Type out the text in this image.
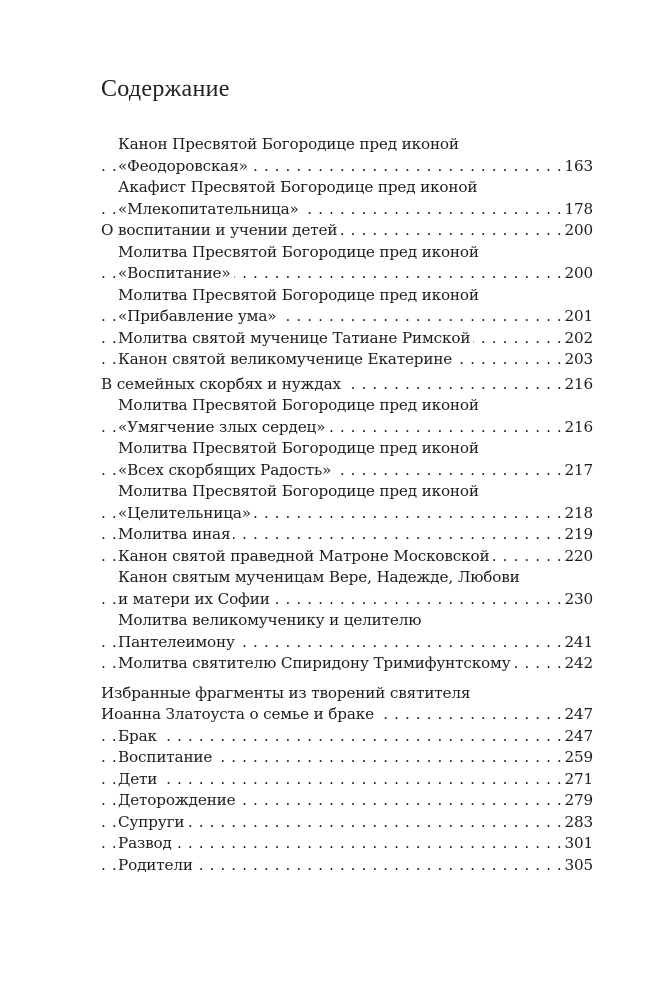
Содержание
Канон Пресвятой Богородице пред иконой
«Феодоровская»	163
. . .
Акафист Пресвятой Богородице пред иконой
«Млекопитательница»	178
. . .
О воспитании и учении детей	200
. . .
Молитва Пресвятой Богородице пред иконой
«Воспитание»	200
. . .
Молитва Пресвятой Богородице пред иконой
«Прибавление ума»	201
. . .
Молитва святой мученице Татиане Римской	202
. . .
Канон святой великомученице Екатерине	203
. . .
В семейных скорбях и нуждах	216
. . .
Молитва Пресвятой Богородице пред иконой
«Умягчение злых сердец»	216
. . .
Молитва Пресвятой Богородице пред иконой
«Всех скорбящих Радость»	217
. . .
Молитва Пресвятой Богородице пред иконой
«Целительница»	218
. . .
Молитва иная	219
. . .
Канон святой праведной Матроне Московской	220
. . .
Канон святым мученицам Вере, Надежде, Любови
и матери их Софии	230
. . .
Молитва великомученику и целителю
Пантелеимону	241
. . .
Молитва святителю Спиридону Тримифунтскому	242
. . .
Избранные фрагменты из творений святителя
Иоанна Златоуста о семье и браке	247
. . .
Брак	247
. . .
Воспитание	259
. . .
Дети	271
. . .
Деторождение	279
. . .
Супруги	283
. . .
Развод	301
. . .
Родители	305
. . .
